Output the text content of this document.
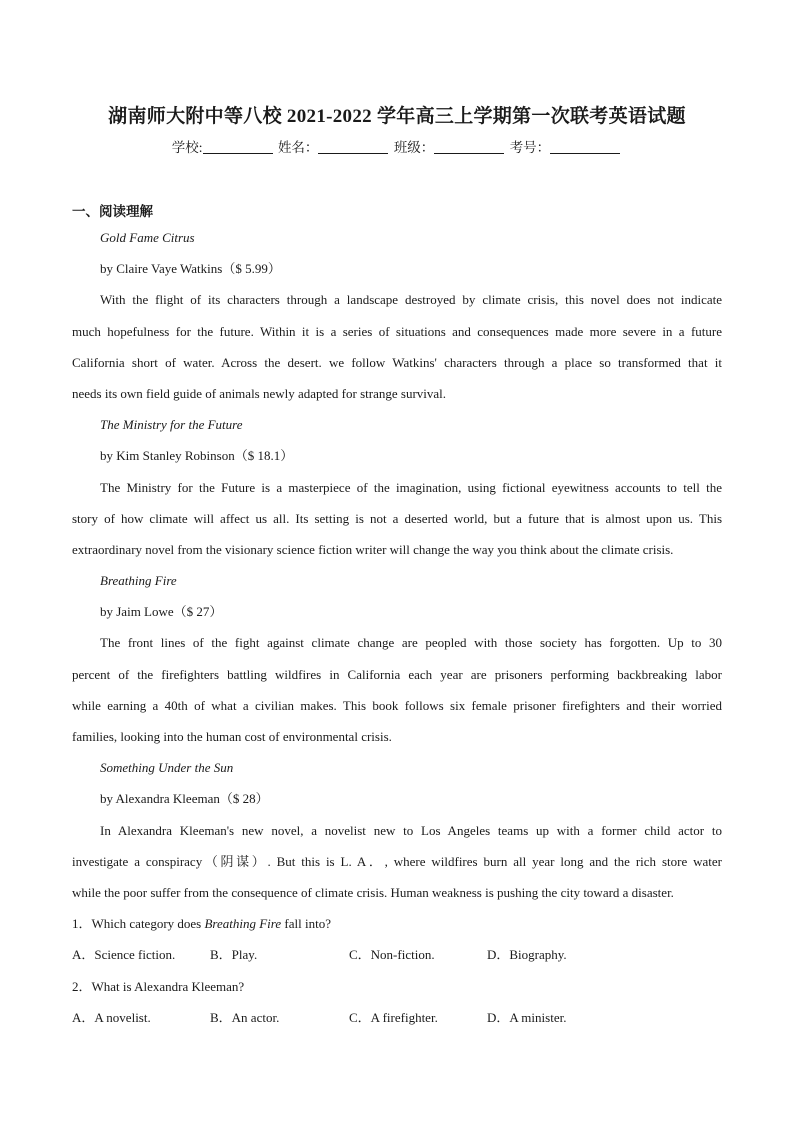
湖南师大附中等八校 2021-2022 学年高三上学期第一次联考英语试题
学校:	姓名：	班级：	考号：
一、阅读理解
Gold Fame Citrus
by Claire Vaye Watkins（$ 5.99）
With the flight of its characters through a landscape destroyed by climate crisis, this novel does not indicate
much hopefulness for the future. Within it is a series of situations and consequences made more severe in a future
California short of water. Across the desert. we follow Watkins' characters through a place so transformed that it
needs its own field guide of animals newly adapted for strange survival.
The Ministry for the Future
by Kim Stanley Robinson（$ 18.1）
The Ministry for the Future is a masterpiece of the imagination, using fictional eyewitness accounts to tell the
story of how climate will affect us all. Its setting is not a deserted world, but a future that is almost upon us. This
extraordinary novel from the visionary science fiction writer will change the way you think about the climate crisis.
Breathing Fire
by Jaim Lowe（$ 27）
The front lines of the fight against climate change are peopled with those society has forgotten. Up to 30
percent of the firefighters battling wildfires in California each year are prisoners performing backbreaking labor
while earning a 40th of what a civilian makes. This book follows six female prisoner firefighters and their worried
families, looking into the human cost of environmental crisis.
Something Under the Sun
by Alexandra Kleeman（$ 28）
In Alexandra Kleeman's new novel, a novelist new to Los Angeles teams up with a former child actor to
investigate a conspiracy（阴谋）. But this is L. A．, where wildfires burn all year long and the rich store water
while the poor suffer from the consequence of climate crisis. Human weakness is pushing the city toward a disaster.
1．Which category does Breathing Fire fall into?
A．Science fiction.	B．Play.	C．Non-fiction.	D．Biography.
2．What is Alexandra Kleeman?
A．A novelist.	B．An actor.	C．A firefighter.	D．A minister.
